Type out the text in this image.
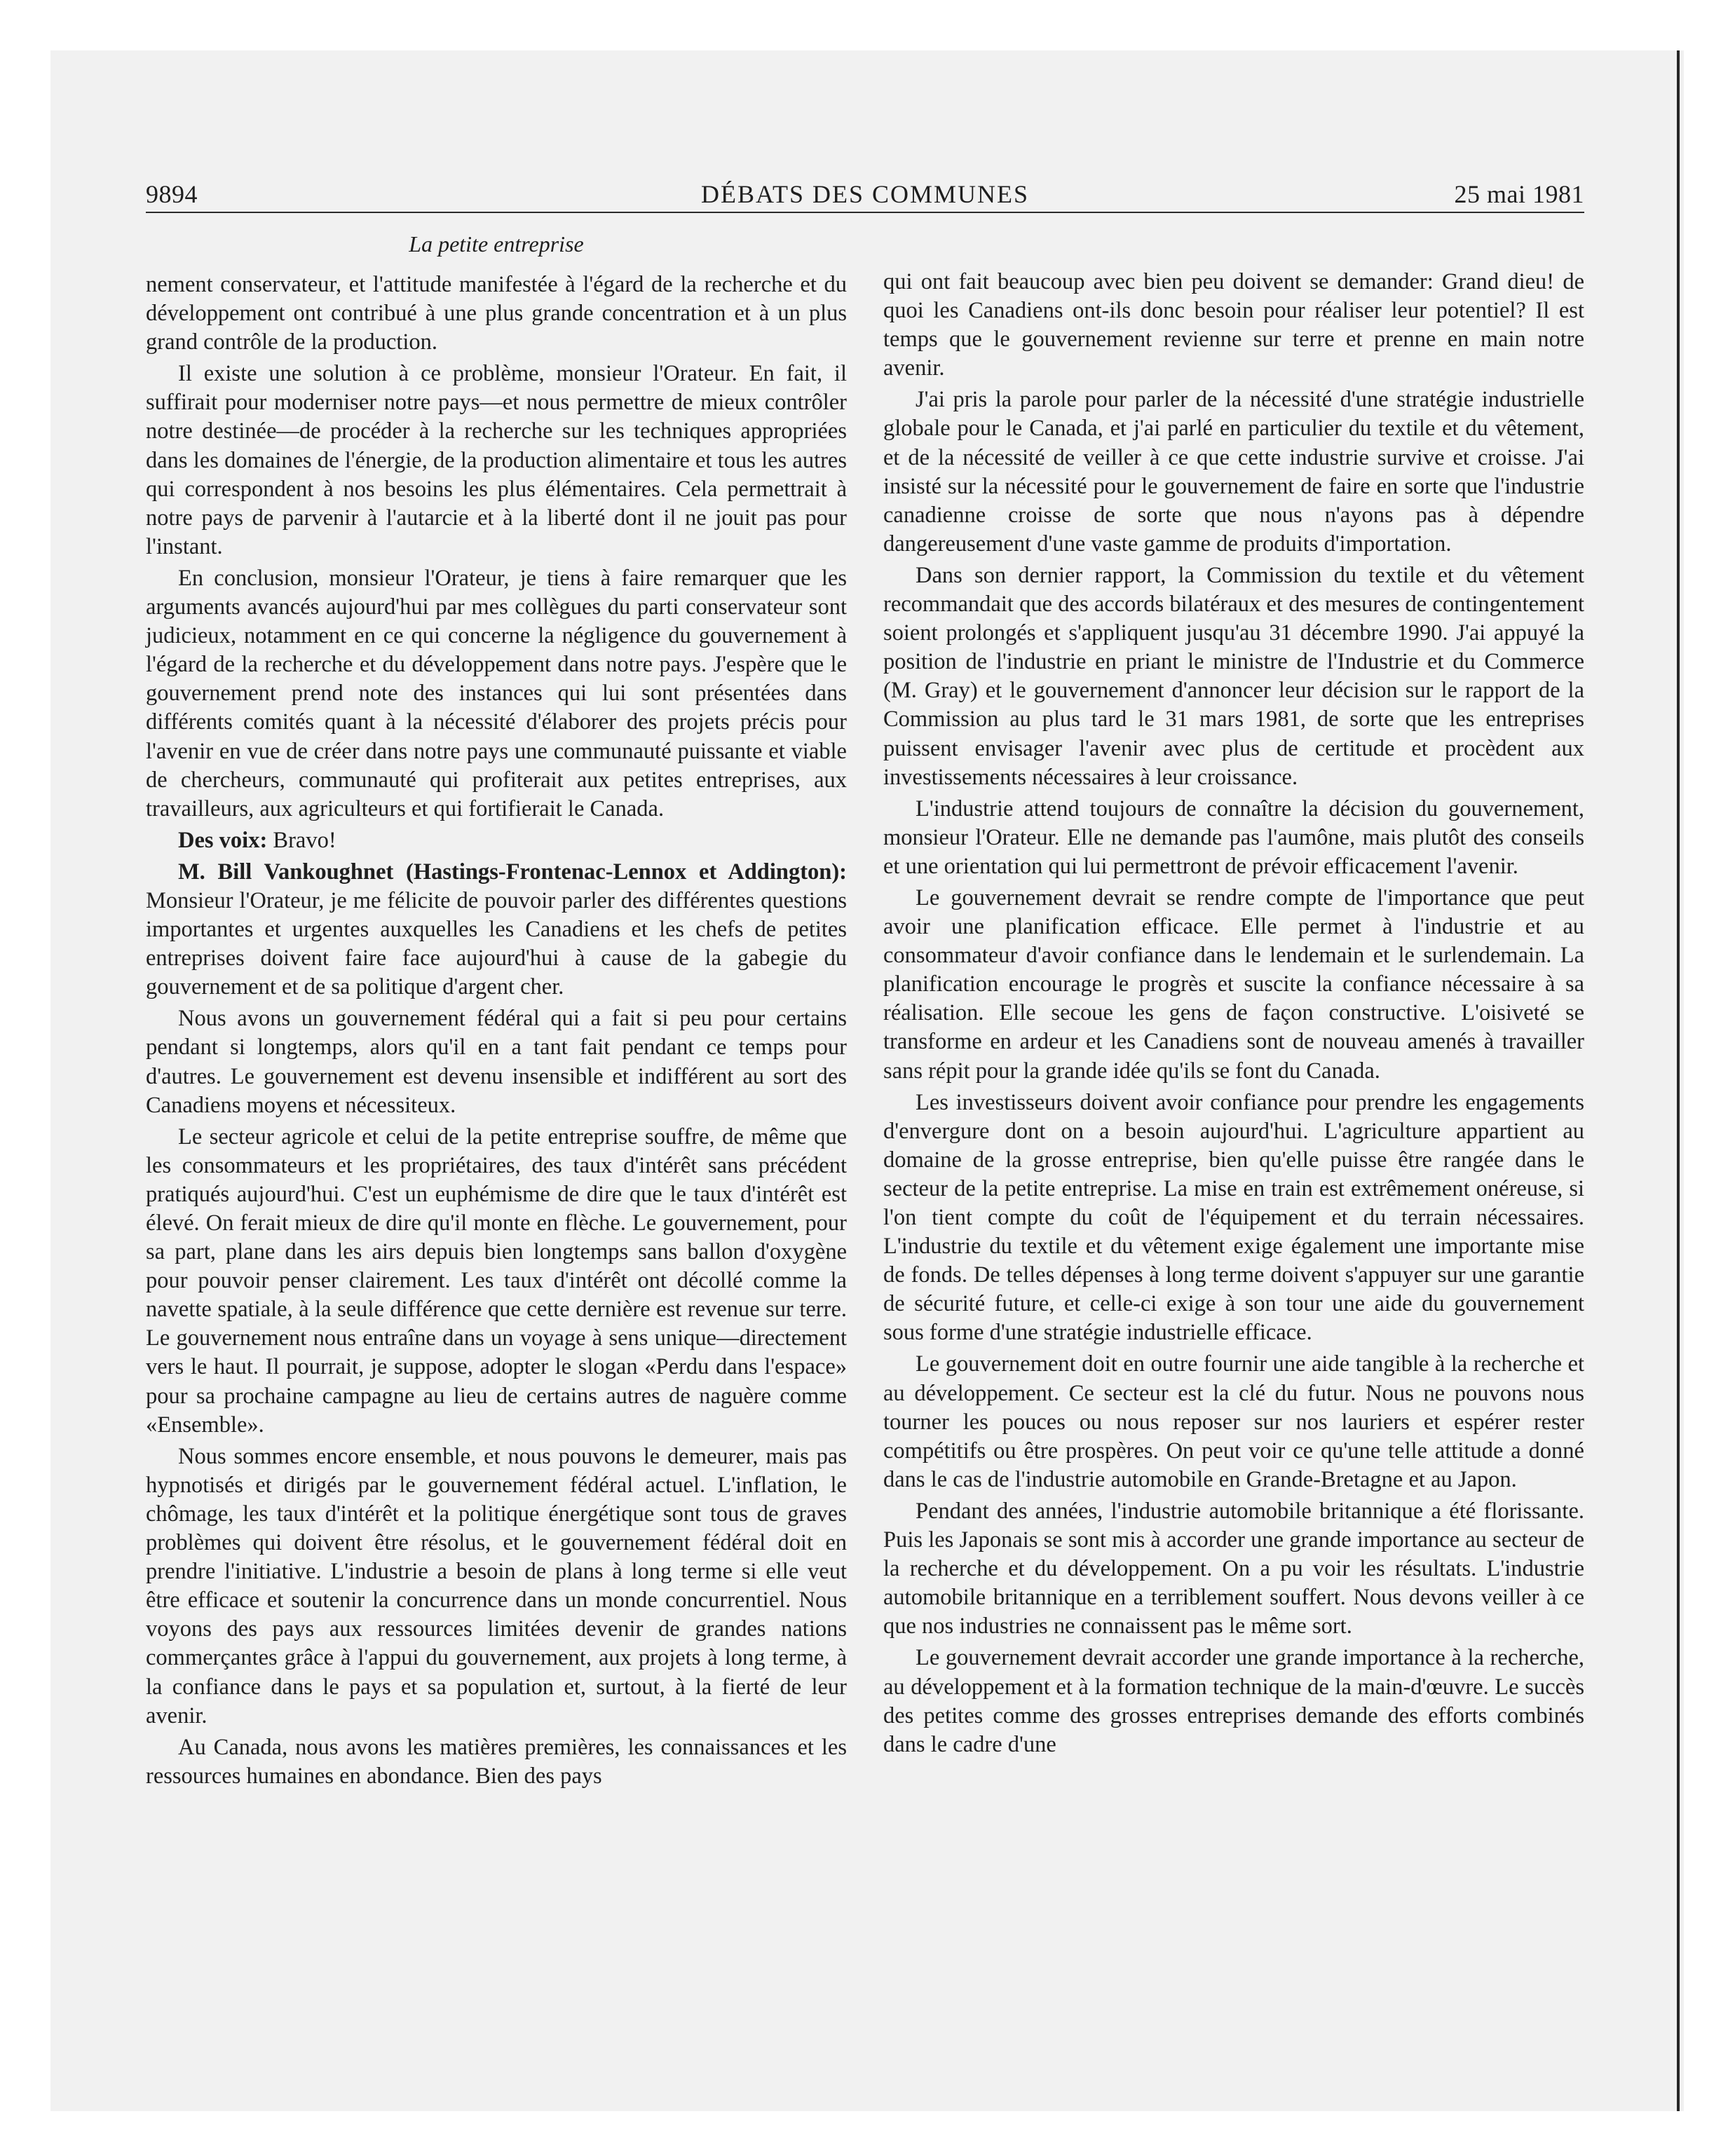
9894	DÉBATS DES COMMUNES	25 mai 1981
La petite entreprise

nement conservateur, et l'attitude manifestée à l'égard de la recherche et du développement ont contribué à une plus grande concentration et à un plus grand contrôle de la production.

Il existe une solution à ce problème, monsieur l'Orateur. En fait, il suffirait pour moderniser notre pays—et nous permettre de mieux contrôler notre destinée—de procéder à la recherche sur les techniques appropriées dans les domaines de l'énergie, de la production alimentaire et tous les autres qui correspondent à nos besoins les plus élémentaires. Cela permettrait à notre pays de parvenir à l'autarcie et à la liberté dont il ne jouit pas pour l'instant.

En conclusion, monsieur l'Orateur, je tiens à faire remarquer que les arguments avancés aujourd'hui par mes collègues du parti conservateur sont judicieux, notamment en ce qui concerne la négligence du gouvernement à l'égard de la recherche et du développement dans notre pays. J'espère que le gouvernement prend note des instances qui lui sont présentées dans différents comités quant à la nécessité d'élaborer des projets précis pour l'avenir en vue de créer dans notre pays une communauté puissante et viable de chercheurs, communauté qui profiterait aux petites entreprises, aux travailleurs, aux agriculteurs et qui fortifierait le Canada.

Des voix: Bravo!

M. Bill Vankoughnet (Hastings-Frontenac-Lennox et Addington): Monsieur l'Orateur, je me félicite de pouvoir parler des différentes questions importantes et urgentes auxquelles les Canadiens et les chefs de petites entreprises doivent faire face aujourd'hui à cause de la gabegie du gouvernement et de sa politique d'argent cher.

Nous avons un gouvernement fédéral qui a fait si peu pour certains pendant si longtemps, alors qu'il en a tant fait pendant ce temps pour d'autres. Le gouvernement est devenu insensible et indifférent au sort des Canadiens moyens et nécessiteux.

Le secteur agricole et celui de la petite entreprise souffre, de même que les consommateurs et les propriétaires, des taux d'intérêt sans précédent pratiqués aujourd'hui. C'est un euphémisme de dire que le taux d'intérêt est élevé. On ferait mieux de dire qu'il monte en flèche. Le gouvernement, pour sa part, plane dans les airs depuis bien longtemps sans ballon d'oxygène pour pouvoir penser clairement. Les taux d'intérêt ont décollé comme la navette spatiale, à la seule différence que cette dernière est revenue sur terre. Le gouvernement nous entraîne dans un voyage à sens unique—directement vers le haut. Il pourrait, je suppose, adopter le slogan «Perdu dans l'espace» pour sa prochaine campagne au lieu de certains autres de naguère comme «Ensemble».

Nous sommes encore ensemble, et nous pouvons le demeurer, mais pas hypnotisés et dirigés par le gouvernement fédéral actuel. L'inflation, le chômage, les taux d'intérêt et la politique énergétique sont tous de graves problèmes qui doivent être résolus, et le gouvernement fédéral doit en prendre l'initiative. L'industrie a besoin de plans à long terme si elle veut être efficace et soutenir la concurrence dans un monde concurrentiel. Nous voyons des pays aux ressources limitées devenir de grandes nations commerçantes grâce à l'appui du gouvernement, aux projets à long terme, à la confiance dans le pays et sa population et, surtout, à la fierté de leur avenir.

Au Canada, nous avons les matières premières, les connaissances et les ressources humaines en abondance. Bien des pays

qui ont fait beaucoup avec bien peu doivent se demander: Grand dieu! de quoi les Canadiens ont-ils donc besoin pour réaliser leur potentiel? Il est temps que le gouvernement revienne sur terre et prenne en main notre avenir.

J'ai pris la parole pour parler de la nécessité d'une stratégie industrielle globale pour le Canada, et j'ai parlé en particulier du textile et du vêtement, et de la nécessité de veiller à ce que cette industrie survive et croisse. J'ai insisté sur la nécessité pour le gouvernement de faire en sorte que l'industrie canadienne croisse de sorte que nous n'ayons pas à dépendre dangereusement d'une vaste gamme de produits d'importation.

Dans son dernier rapport, la Commission du textile et du vêtement recommandait que des accords bilatéraux et des mesures de contingentement soient prolongés et s'appliquent jusqu'au 31 décembre 1990. J'ai appuyé la position de l'industrie en priant le ministre de l'Industrie et du Commerce (M. Gray) et le gouvernement d'annoncer leur décision sur le rapport de la Commission au plus tard le 31 mars 1981, de sorte que les entreprises puissent envisager l'avenir avec plus de certitude et procèdent aux investissements nécessaires à leur croissance.

L'industrie attend toujours de connaître la décision du gouvernement, monsieur l'Orateur. Elle ne demande pas l'aumône, mais plutôt des conseils et une orientation qui lui permettront de prévoir efficacement l'avenir.

Le gouvernement devrait se rendre compte de l'importance que peut avoir une planification efficace. Elle permet à l'industrie et au consommateur d'avoir confiance dans le lendemain et le surlendemain. La planification encourage le progrès et suscite la confiance nécessaire à sa réalisation. Elle secoue les gens de façon constructive. L'oisiveté se transforme en ardeur et les Canadiens sont de nouveau amenés à travailler sans répit pour la grande idée qu'ils se font du Canada.

Les investisseurs doivent avoir confiance pour prendre les engagements d'envergure dont on a besoin aujourd'hui. L'agriculture appartient au domaine de la grosse entreprise, bien qu'elle puisse être rangée dans le secteur de la petite entreprise. La mise en train est extrêmement onéreuse, si l'on tient compte du coût de l'équipement et du terrain nécessaires. L'industrie du textile et du vêtement exige également une importante mise de fonds. De telles dépenses à long terme doivent s'appuyer sur une garantie de sécurité future, et celle-ci exige à son tour une aide du gouvernement sous forme d'une stratégie industrielle efficace.

Le gouvernement doit en outre fournir une aide tangible à la recherche et au développement. Ce secteur est la clé du futur. Nous ne pouvons nous tourner les pouces ou nous reposer sur nos lauriers et espérer rester compétitifs ou être prospères. On peut voir ce qu'une telle attitude a donné dans le cas de l'industrie automobile en Grande-Bretagne et au Japon.

Pendant des années, l'industrie automobile britannique a été florissante. Puis les Japonais se sont mis à accorder une grande importance au secteur de la recherche et du développement. On a pu voir les résultats. L'industrie automobile britannique en a terriblement souffert. Nous devons veiller à ce que nos industries ne connaissent pas le même sort.

Le gouvernement devrait accorder une grande importance à la recherche, au développement et à la formation technique de la main-d'œuvre. Le succès des petites comme des grosses entreprises demande des efforts combinés dans le cadre d'une
